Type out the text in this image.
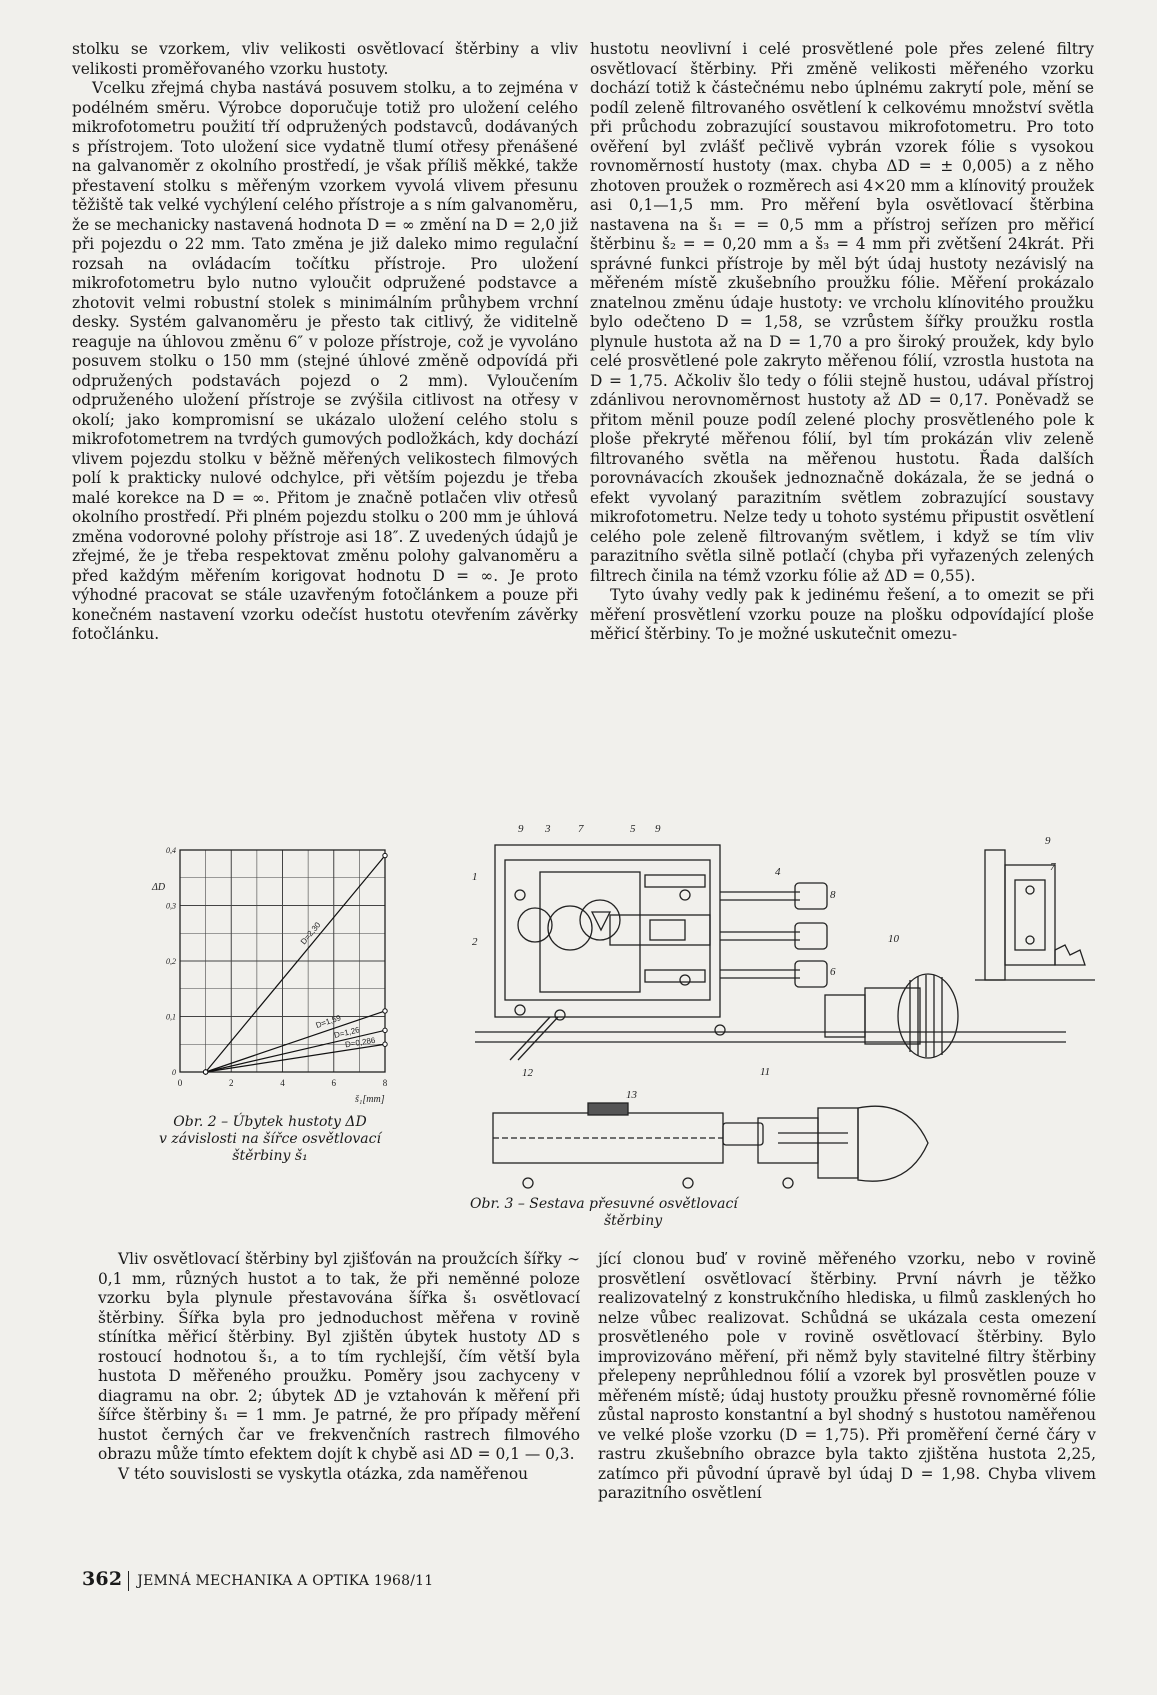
stolku se vzorkem, vliv velikosti osvětlovací štěrbiny a vliv velikosti proměřovaného vzorku hustoty.

Vcelku zřejmá chyba nastává posuvem stolku, a to zejména v podélném směru. Výrobce doporučuje totiž pro uložení celého mikrofotometru použití tří odpružených podstavců, dodávaných s přístrojem. Toto uložení sice vydatně tlumí otřesy přenášené na galvanoměr z okolního prostředí, je však příliš měkké, takže přestavení stolku s měřeným vzorkem vyvolá vlivem přesunu těžiště tak velké vychýlení celého přístroje a s ním galvanoměru, že se mechanicky nastavená hodnota D = ∞ změní na D = 2,0 již při pojezdu o 22 mm. Tato změna je již daleko mimo regulační rozsah na ovládacím točítku přístroje. Pro uložení mikrofotometru bylo nutno vyloučit odpružené podstavce a zhotovit velmi robustní stolek s minimálním průhybem vrchní desky. Systém galvanoměru je přesto tak citlivý, že viditelně reaguje na úhlovou změnu 6″ v poloze přístroje, což je vyvoláno posuvem stolku o 150 mm (stejné úhlové změně odpovídá při odpružených podstavách pojezd o 2 mm). Vyloučením odpruženého uložení přístroje se zvýšila citlivost na otřesy v okolí; jako kompromisní se ukázalo uložení celého stolu s mikrofotometrem na tvrdých gumových podložkách, kdy dochází vlivem pojezdu stolku v běžně měřených velikostech filmových polí k prakticky nulové odchylce, při větším pojezdu je třeba malé korekce na D = ∞. Přitom je značně potlačen vliv otřesů okolního prostředí. Při plném pojezdu stolku o 200 mm je úhlová změna vodorovné polohy přístroje asi 18″. Z uvedených údajů je zřejmé, že je třeba respektovat změnu polohy galvanoměru a před každým měřením korigovat hodnotu D = ∞. Je proto výhodné pracovat se stále uzavřeným fotočlánkem a pouze při konečném nastavení vzorku odečíst hustotu otevřením závěrky fotočlánku.

hustotu neovlivní i celé prosvětlené pole přes zelené filtry osvětlovací štěrbiny. Při změně velikosti měřeného vzorku dochází totiž k částečnému nebo úplnému zakrytí pole, mění se podíl zeleně filtrovaného osvětlení k celkovému množství světla při průchodu zobrazující soustavou mikrofotometru. Pro toto ověření byl zvlášť pečlivě vybrán vzorek fólie s vysokou rovnoměrností hustoty (max. chyba ΔD = ± 0,005) a z něho zhotoven proužek o rozměrech asi 4×20 mm a klínovitý proužek asi 0,1—1,5 mm. Pro měření byla osvětlovací štěrbina nastavena na š₁ = = 0,5 mm a přístroj seřízen pro měřicí štěrbinu š₂ = = 0,20 mm a š₃ = 4 mm při zvětšení 24krát. Při správné funkci přístroje by měl být údaj hustoty nezávislý na měřeném místě zkušebního proužku fólie. Měření prokázalo znatelnou změnu údaje hustoty: ve vrcholu klínovitého proužku bylo odečteno D = 1,58, se vzrůstem šířky proužku rostla plynule hustota až na D = 1,70 a pro široký proužek, kdy bylo celé prosvětlené pole zakryto měřenou fólií, vzrostla hustota na D = 1,75. Ačkoliv šlo tedy o fólii stejně hustou, udával přístroj zdánlivou nerovnoměrnost hustoty až ΔD = 0,17. Poněvadž se přitom měnil pouze podíl zelené plochy prosvětleného pole k ploše překryté měřenou fólií, byl tím prokázán vliv zeleně filtrovaného světla na měřenou hustotu. Řada dalších porovnávacích zkoušek jednoznačně dokázala, že se jedná o efekt vyvolaný parazitním světlem zobrazující soustavy mikrofotometru. Nelze tedy u tohoto systému připustit osvětlení celého pole zeleně filtrovaným světlem, i když se tím vliv parazitního světla silně potlačí (chyba při vyřazených zelených filtrech činila na témž vzorku fólie až ΔD = 0,55).

Tyto úvahy vedly pak k jedinému řešení, a to omezit se při měření prosvětlení vzorku pouze na plošku odpovídající ploše měřicí štěrbiny. To je možné uskutečnit omezu-

0	2	4	6	8
0
0,1
0,2
0,3
0,4
ΔD
š₁[mm]
D=2,30
D=1,59
D=1,26
D=0,286
9 3	7	5 9
1
2
4
8
6
10
12	11
13
9
7
Obr. 2 – Úbytek hustoty ΔD
v závislosti na šířce osvětlovací
štěrbiny š₁
Obr. 3 – Sestava přesuvné osvětlovací
štěrbiny

Vliv osvětlovací štěrbiny byl zjišťován na proužcích šířky ∼ 0,1 mm, různých hustot a to tak, že při neměnné poloze vzorku byla plynule přestavována šířka š₁ osvětlovací štěrbiny. Šířka byla pro jednoduchost měřena v rovině stínítka měřicí štěrbiny. Byl zjištěn úbytek hustoty ΔD s rostoucí hodnotou š₁, a to tím rychlejší, čím větší byla hustota D měřeného proužku. Poměry jsou zachyceny v diagramu na obr. 2; úbytek ΔD je vztahován k měření při šířce štěrbiny š₁ = 1 mm. Je patrné, že pro případy měření hustot černých čar ve frekvenčních rastrech filmového obrazu může tímto efektem dojít k chybě asi ΔD = 0,1 — 0,3.

V této souvislosti se vyskytla otázka, zda naměřenou

jící clonou buď v rovině měřeného vzorku, nebo v rovině prosvětlení osvětlovací štěrbiny. První návrh je těžko realizovatelný z konstrukčního hlediska, u filmů zasklených ho nelze vůbec realizovat. Schůdná se ukázala cesta omezení prosvětleného pole v rovině osvětlovací štěrbiny. Bylo improvizováno měření, při němž byly stavitelné filtry štěrbiny přelepeny neprůhlednou fólií a vzorek byl prosvětlen pouze v měřeném místě; údaj hustoty proužku přesně rovnoměrné fólie zůstal naprosto konstantní a byl shodný s hustotou naměřenou ve velké ploše vzorku (D = 1,75). Při proměření černé čáry v rastru zkušebního obrazce byla takto zjištěna hustota 2,25, zatímco při původní úpravě byl údaj D = 1,98. Chyba vlivem parazitního osvětlení

362 JEMNÁ MECHANIKA A OPTIKA 1968/11
